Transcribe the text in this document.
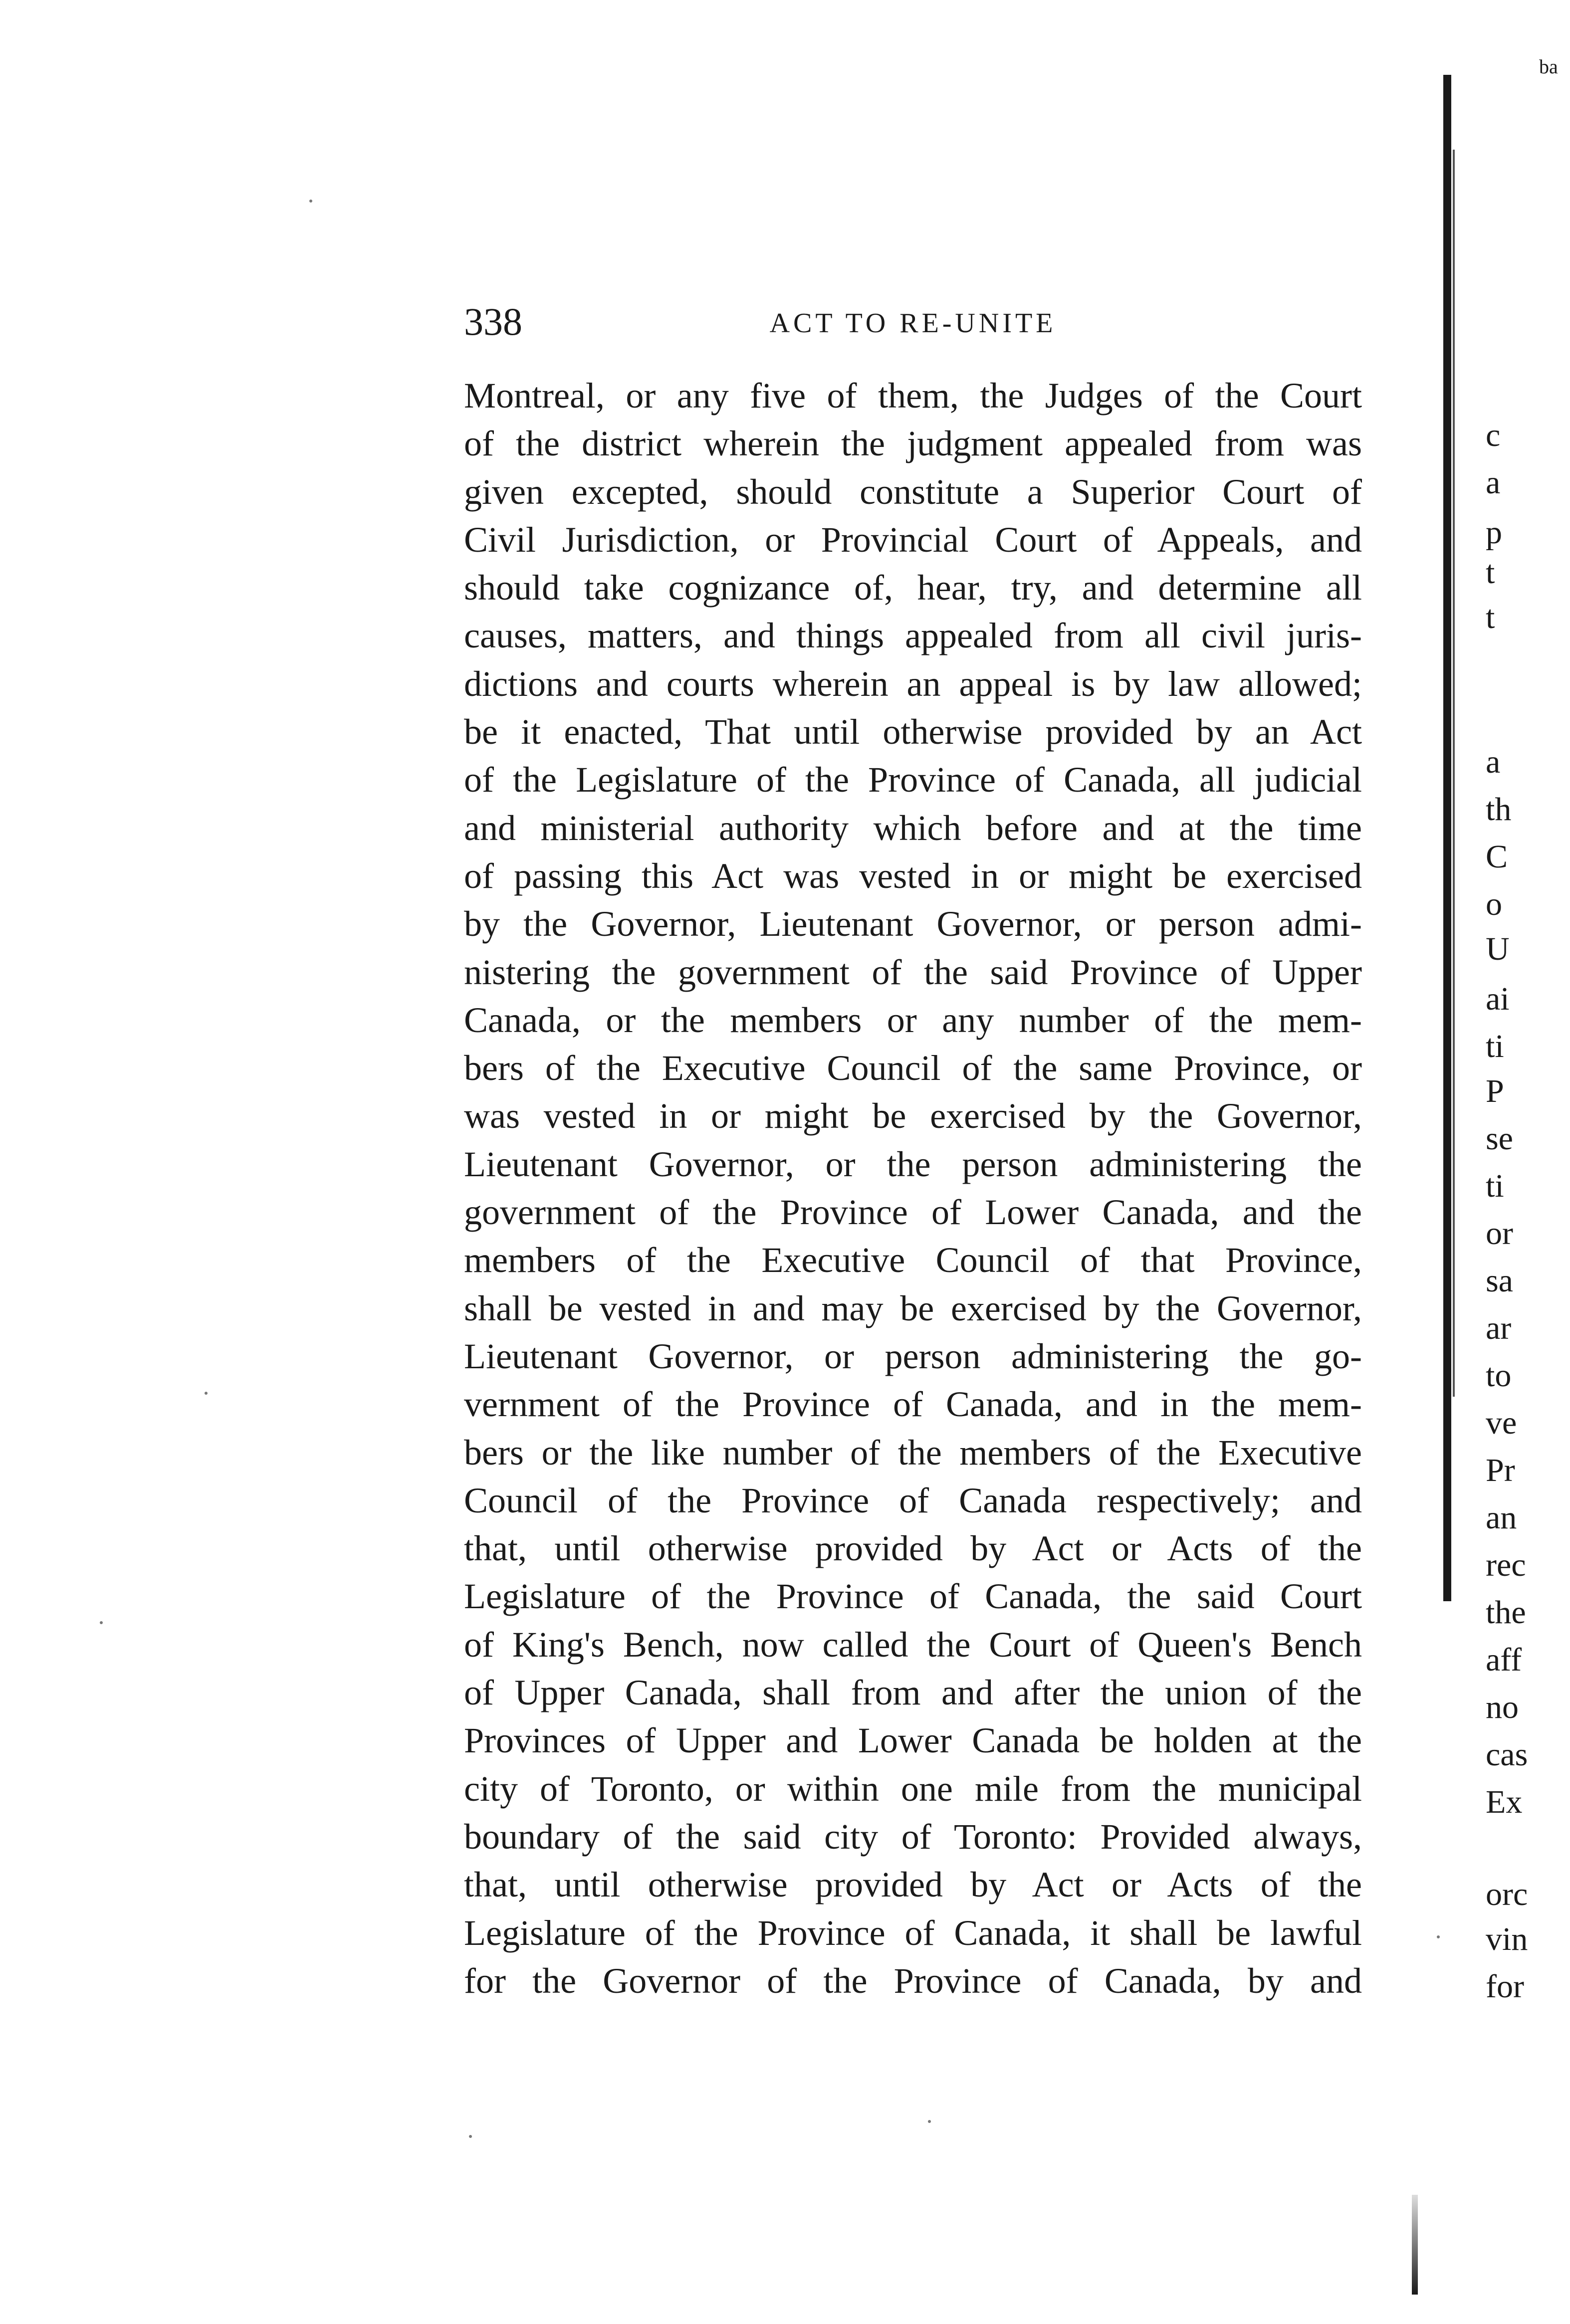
338	ACT TO RE-UNITE
Montreal, or any five of them, the Judges of the Court
of the district wherein the judgment appealed from was
given excepted, should constitute a Superior Court of
Civil Jurisdiction, or Provincial Court of Appeals, and
should take cognizance of, hear, try, and determine all
causes, matters, and things appealed from all civil juris-
dictions and courts wherein an appeal is by law allowed;
be it enacted, That until otherwise provided by an Act
of the Legislature of the Province of Canada, all judicial
and ministerial authority which before and at the time
of passing this Act was vested in or might be exercised
by the Governor, Lieutenant Governor, or person admi-
nistering the government of the said Province of Upper
Canada, or the members or any number of the mem-
bers of the Executive Council of the same Province, or
was vested in or might be exercised by the Governor,
Lieutenant Governor, or the person administering the
government of the Province of Lower Canada, and the
members of the Executive Council of that Province,
shall be vested in and may be exercised by the Governor,
Lieutenant Governor, or person administering the go-
vernment of the Province of Canada, and in the mem-
bers or the like number of the members of the Executive
Council of the Province of Canada respectively; and
that, until otherwise provided by Act or Acts of the
Legislature of the Province of Canada, the said Court
of King's Bench, now called the Court of Queen's Bench
of Upper Canada, shall from and after the union of the
Provinces of Upper and Lower Canada be holden at the
city of Toronto, or within one mile from the municipal
boundary of the said city of Toronto: Provided always,
that, until otherwise provided by Act or Acts of the
Legislature of the Province of Canada, it shall be lawful
for the Governor of the Province of Canada, by and
ba
c
a
p
t
t
a
th
C
o
U
ai
ti
P
se
ti
or
sa
ar
to
ve
Pr
an
rec
the
aff
no
cas
Ex
orc
vin
for
